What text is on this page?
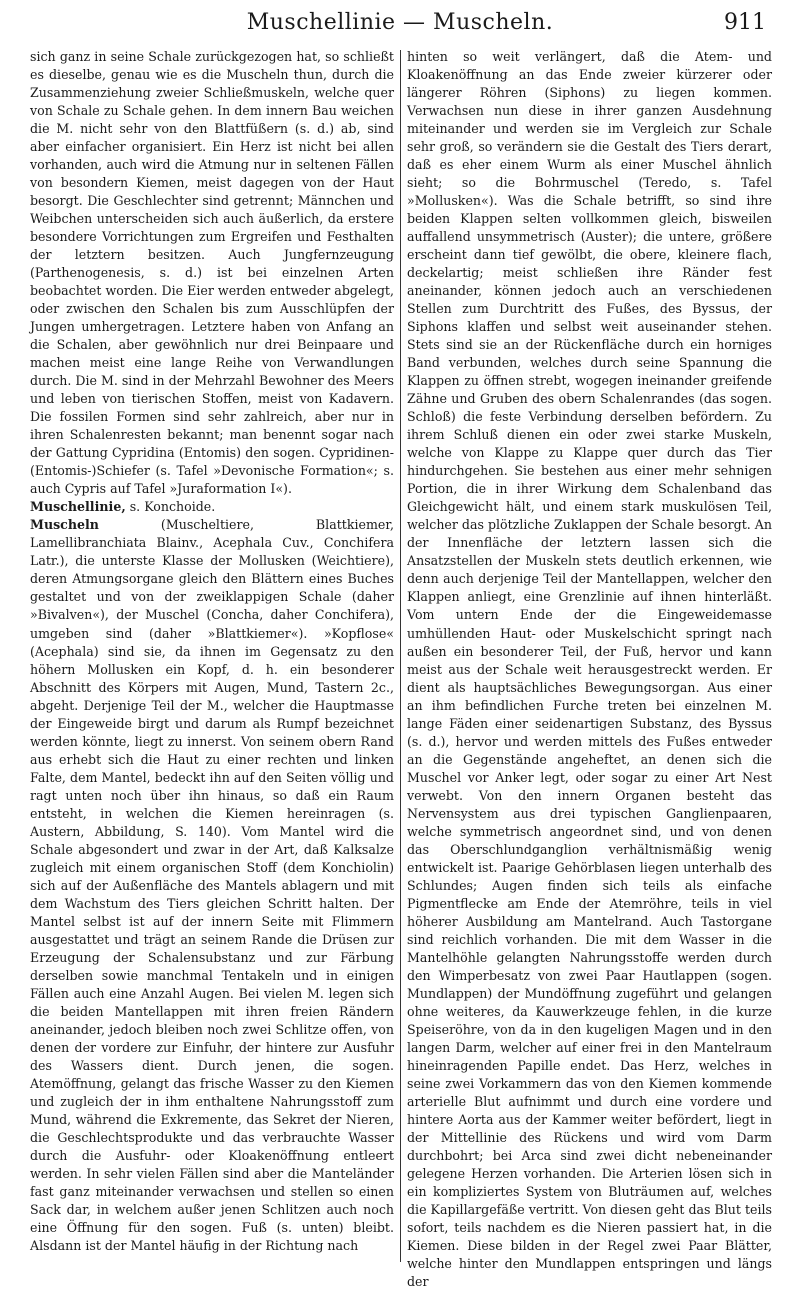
Muschellinie — Muscheln.	911

sich ganz in seine Schale zurückgezogen hat, so schließt es dieselbe, genau wie es die Muscheln thun, durch die Zusammenziehung zweier Schließmuskeln, welche quer von Schale zu Schale gehen. In dem innern Bau weichen die M. nicht sehr von den Blattfüßern (s. d.) ab, sind aber einfacher organisiert. Ein Herz ist nicht bei allen vorhanden, auch wird die Atmung nur in seltenen Fällen von besondern Kiemen, meist dagegen von der Haut besorgt. Die Geschlechter sind getrennt; Männchen und Weibchen unterscheiden sich auch äußerlich, da erstere besondere Vorrichtungen zum Ergreifen und Festhalten der letztern besitzen. Auch Jungfernzeugung (Parthenogenesis, s. d.) ist bei einzelnen Arten beobachtet worden. Die Eier werden entweder abgelegt, oder zwischen den Schalen bis zum Ausschlüpfen der Jungen umhergetragen. Letztere haben von Anfang an die Schalen, aber gewöhnlich nur drei Beinpaare und machen meist eine lange Reihe von Verwandlungen durch. Die M. sind in der Mehrzahl Bewohner des Meers und leben von tierischen Stoffen, meist von Kadavern. Die fossilen Formen sind sehr zahlreich, aber nur in ihren Schalenresten bekannt; man benennt sogar nach der Gattung Cypridina (Entomis) den sogen. Cypridinen- (Entomis-)Schiefer (s. Tafel »Devonische Formation«; s. auch Cypris auf Tafel »Juraformation I«).

Muschellinie, s. Konchoide.

Muscheln (Muscheltiere, Blattkiemer, Lamellibranchiata Blainv., Acephala Cuv., Conchifera Latr.), die unterste Klasse der Mollusken (Weichtiere), deren Atmungsorgane gleich den Blättern eines Buches gestaltet und von der zweiklappigen Schale (daher »Bivalven«), der Muschel (Concha, daher Conchifera), umgeben sind (daher »Blattkiemer«). »Kopflose« (Acephala) sind sie, da ihnen im Gegensatz zu den höhern Mollusken ein Kopf, d. h. ein besonderer Abschnitt des Körpers mit Augen, Mund, Tastern 2c., abgeht. Derjenige Teil der M., welcher die Hauptmasse der Eingeweide birgt und darum als Rumpf bezeichnet werden könnte, liegt zu innerst. Von seinem obern Rand aus erhebt sich die Haut zu einer rechten und linken Falte, dem Mantel, bedeckt ihn auf den Seiten völlig und ragt unten noch über ihn hinaus, so daß ein Raum entsteht, in welchen die Kiemen hereinragen (s. Austern, Abbildung, S. 140). Vom Mantel wird die Schale abgesondert und zwar in der Art, daß Kalksalze zugleich mit einem organischen Stoff (dem Konchiolin) sich auf der Außenfläche des Mantels ablagern und mit dem Wachstum des Tiers gleichen Schritt halten. Der Mantel selbst ist auf der innern Seite mit Flimmern ausgestattet und trägt an seinem Rande die Drüsen zur Erzeugung der Schalensubstanz und zur Färbung derselben sowie manchmal Tentakeln und in einigen Fällen auch eine Anzahl Augen. Bei vielen M. legen sich die beiden Mantellappen mit ihren freien Rändern aneinander, jedoch bleiben noch zwei Schlitze offen, von denen der vordere zur Einfuhr, der hintere zur Ausfuhr des Wassers dient. Durch jenen, die sogen. Atemöffnung, gelangt das frische Wasser zu den Kiemen und zugleich der in ihm enthaltene Nahrungsstoff zum Mund, während die Exkremente, das Sekret der Nieren, die Geschlechtsprodukte und das verbrauchte Wasser durch die Ausfuhr- oder Kloakenöffnung entleert werden. In sehr vielen Fällen sind aber die Manteländer fast ganz miteinander verwachsen und stellen so einen Sack dar, in welchem außer jenen Schlitzen auch noch eine Öffnung für den sogen. Fuß (s. unten) bleibt. Alsdann ist der Mantel häufig in der Richtung nach

hinten so weit verlängert, daß die Atem- und Kloakenöffnung an das Ende zweier kürzerer oder längerer Röhren (Siphons) zu liegen kommen. Verwachsen nun diese in ihrer ganzen Ausdehnung miteinander und werden sie im Vergleich zur Schale sehr groß, so verändern sie die Gestalt des Tiers derart, daß es eher einem Wurm als einer Muschel ähnlich sieht; so die Bohrmuschel (Teredo, s. Tafel »Mollusken«). Was die Schale betrifft, so sind ihre beiden Klappen selten vollkommen gleich, bisweilen auffallend unsymmetrisch (Auster); die untere, größere erscheint dann tief gewölbt, die obere, kleinere flach, deckelartig; meist schließen ihre Ränder fest aneinander, können jedoch auch an verschiedenen Stellen zum Durchtritt des Fußes, des Byssus, der Siphons klaffen und selbst weit auseinander stehen. Stets sind sie an der Rückenfläche durch ein horniges Band verbunden, welches durch seine Spannung die Klappen zu öffnen strebt, wogegen ineinander greifende Zähne und Gruben des obern Schalenrandes (das sogen. Schloß) die feste Verbindung derselben befördern. Zu ihrem Schluß dienen ein oder zwei starke Muskeln, welche von Klappe zu Klappe quer durch das Tier hindurchgehen. Sie bestehen aus einer mehr sehnigen Portion, die in ihrer Wirkung dem Schalenband das Gleichgewicht hält, und einem stark muskulösen Teil, welcher das plötzliche Zuklappen der Schale besorgt. An der Innenfläche der letztern lassen sich die Ansatzstellen der Muskeln stets deutlich erkennen, wie denn auch derjenige Teil der Mantellappen, welcher den Klappen anliegt, eine Grenzlinie auf ihnen hinterläßt. Vom untern Ende der die Eingeweidemasse umhüllenden Haut- oder Muskelschicht springt nach außen ein besonderer Teil, der Fuß, hervor und kann meist aus der Schale weit herausgestreckt werden. Er dient als hauptsächliches Bewegungsorgan. Aus einer an ihm befindlichen Furche treten bei einzelnen M. lange Fäden einer seidenartigen Substanz, des Byssus (s. d.), hervor und werden mittels des Fußes entweder an die Gegenstände angeheftet, an denen sich die Muschel vor Anker legt, oder sogar zu einer Art Nest verwebt. Von den innern Organen besteht das Nervensystem aus drei typischen Ganglienpaaren, welche symmetrisch angeordnet sind, und von denen das Oberschlundganglion verhältnismäßig wenig entwickelt ist. Paarige Gehörblasen liegen unterhalb des Schlundes; Augen finden sich teils als einfache Pigmentflecke am Ende der Atemröhre, teils in viel höherer Ausbildung am Mantelrand. Auch Tastorgane sind reichlich vorhanden. Die mit dem Wasser in die Mantelhöhle gelangten Nahrungsstoffe werden durch den Wimperbesatz von zwei Paar Hautlappen (sogen. Mundlappen) der Mundöffnung zugeführt und gelangen ohne weiteres, da Kauwerkzeuge fehlen, in die kurze Speiseröhre, von da in den kugeligen Magen und in den langen Darm, welcher auf einer frei in den Mantelraum hineinragenden Papille endet. Das Herz, welches in seine zwei Vorkammern das von den Kiemen kommende arterielle Blut aufnimmt und durch eine vordere und hintere Aorta aus der Kammer weiter befördert, liegt in der Mittellinie des Rückens und wird vom Darm durchbohrt; bei Arca sind zwei dicht nebeneinander gelegene Herzen vorhanden. Die Arterien lösen sich in ein kompliziertes System von Bluträumen auf, welches die Kapillargefäße vertritt. Von diesen geht das Blut teils sofort, teils nachdem es die Nieren passiert hat, in die Kiemen. Diese bilden in der Regel zwei Paar Blätter, welche hinter den Mundlappen entspringen und längs der
